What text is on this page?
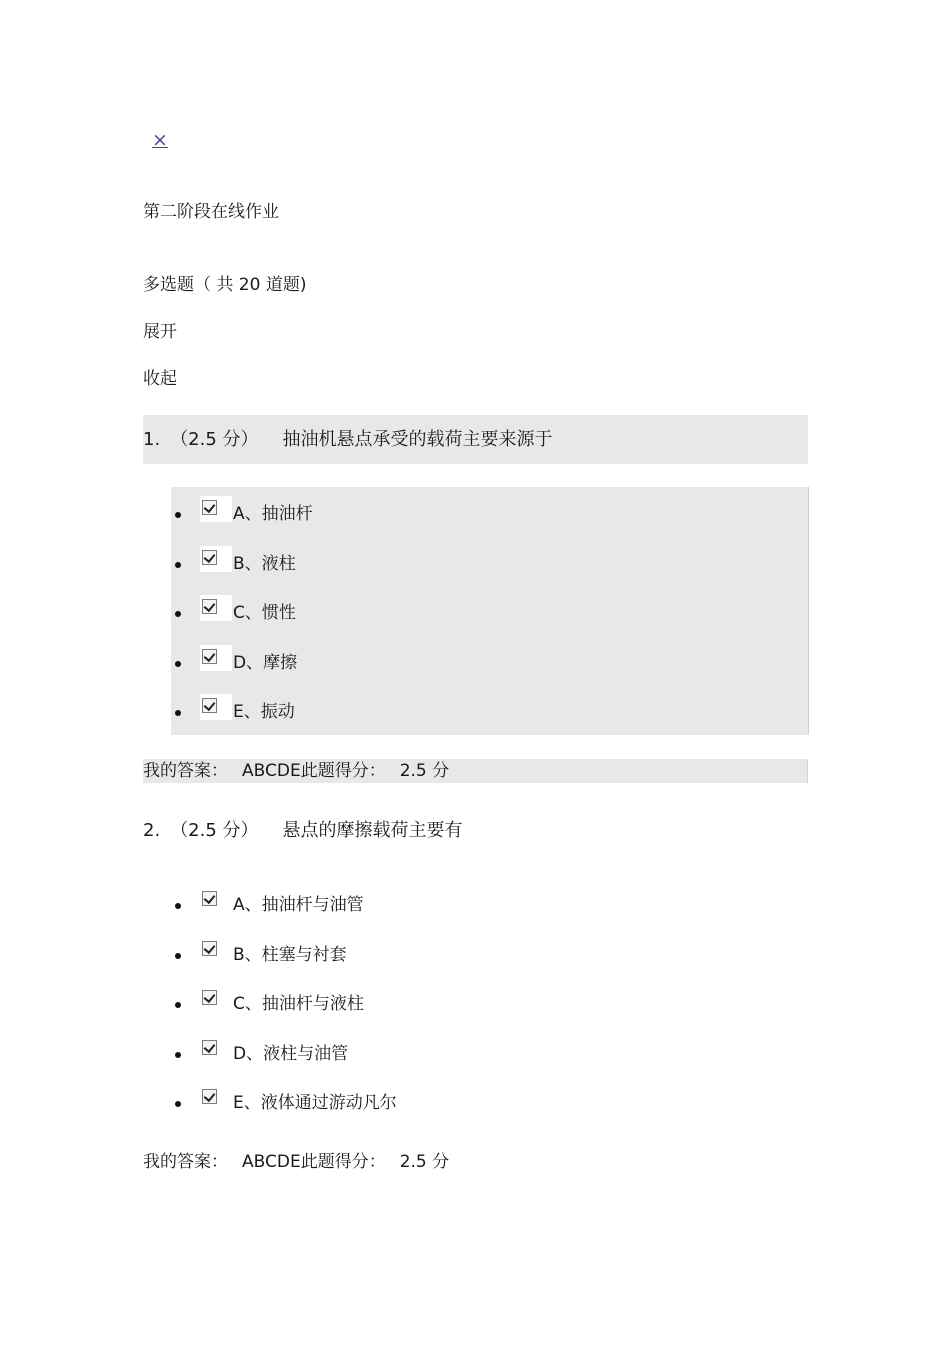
×
第二阶段在线作业
多选题（ 共 20 道题)
展开
收起
1. （2.5 分） 抽油机悬点承受的载荷主要来源于
A、抽油杆
B、液柱
C、惯性
D、摩擦
E、振动
我的答案： ABCDE此题得分： 2.5 分
2. （2.5 分） 悬点的摩擦载荷主要有
A、抽油杆与油管
B、柱塞与衬套
C、抽油杆与液柱
D、液柱与油管
E、液体通过游动凡尔
我的答案： ABCDE此题得分： 2.5 分
